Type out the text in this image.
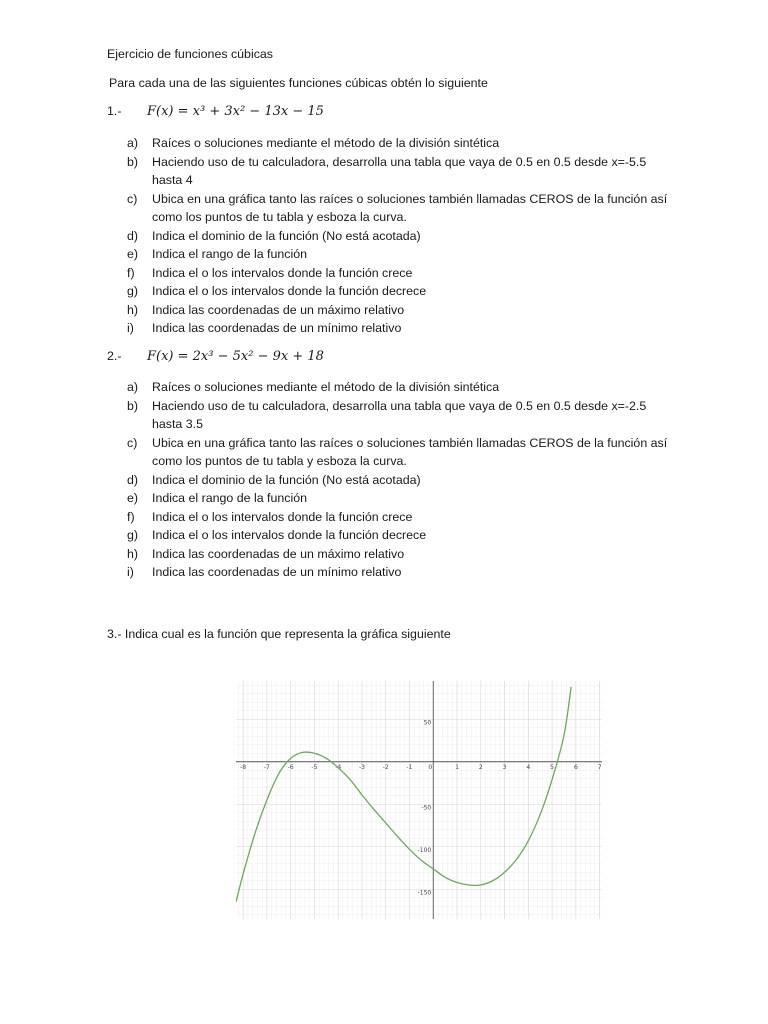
Ejercicio de funciones cúbicas
Para cada una de las siguientes funciones cúbicas obtén lo siguiente
1.- F(x) = x³ + 3x² − 13x − 15
a)	Raíces o soluciones mediante el método de la división sintética
b)	Haciendo uso de tu calculadora, desarrolla una tabla que vaya de 0.5 en 0.5 desde x=-5.5 hasta 4
c)	Ubica en una gráfica tanto las raíces o soluciones también llamadas CEROS de la función así como los puntos de tu tabla y esboza la curva.
d)	Indica el dominio de la función (No está acotada)
e)	Indica el rango de la función
f)	Indica el o los intervalos donde la función crece
g)	Indica el o los intervalos donde la función decrece
h)	Indica las coordenadas de un máximo relativo
i)	Indica las coordenadas de un mínimo relativo
2.- F(x) = 2x³ − 5x² − 9x + 18
a)	Raíces o soluciones mediante el método de la división sintética
b)	Haciendo uso de tu calculadora, desarrolla una tabla que vaya de 0.5 en 0.5 desde x=-2.5 hasta 3.5
c)	Ubica en una gráfica tanto las raíces o soluciones también llamadas CEROS de la función así como los puntos de tu tabla y esboza la curva.
d)	Indica el dominio de la función (No está acotada)
e)	Indica el rango de la función
f)	Indica el o los intervalos donde la función crece
g)	Indica el o los intervalos donde la función decrece
h)	Indica las coordenadas de un máximo relativo
i)	Indica las coordenadas de un mínimo relativo
3.- Indica cual es la función que representa la gráfica siguiente
-8	-7	-6	-5	-4	-3	-2	-1	0	1	2	3	4	5	6	7
50
-50
-100
-150
